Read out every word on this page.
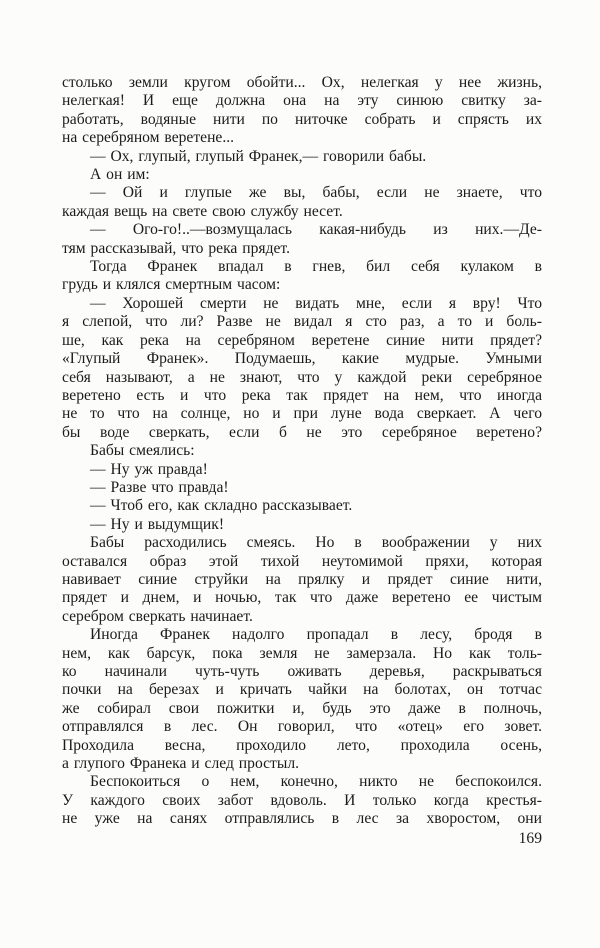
столько земли кругом обойти... Ох, нелегкая у нее жизнь,
нелегкая! И еще должна она на эту синюю свитку за-
работать, водяные нити по ниточке собрать и спрясть их
на серебряном веретене...
— Ох, глупый, глупый Франек,— говорили бабы.
А он им:
— Ой и глупые же вы, бабы, если не знаете, что
каждая вещь на свете свою службу несет.
— Ого-го!..—возмущалась какая-нибудь из них.—Де-
тям рассказывай, что река прядет.
Тогда Франек впадал в гнев, бил себя кулаком в
грудь и клялся смертным часом:
— Хорошей смерти не видать мне, если я вру! Что
я слепой, что ли? Разве не видал я сто раз, а то и боль-
ше, как река на серебряном веретене синие нити прядет?
«Глупый Франек». Подумаешь, какие мудрые. Умными
себя называют, а не знают, что у каждой реки серебряное
веретено есть и что река так прядет на нем, что иногда
не то что на солнце, но и при луне вода сверкает. А чего
бы воде сверкать, если б не это серебряное веретено?
Бабы смеялись:
— Ну уж правда!
— Разве что правда!
— Чтоб его, как складно рассказывает.
— Ну и выдумщик!
Бабы расходились смеясь. Но в воображении у них
оставался образ этой тихой неутомимой пряхи, которая
навивает синие струйки на прялку и прядет синие нити,
прядет и днем, и ночью, так что даже веретено ее чистым
серебром сверкать начинает.
Иногда Франек надолго пропадал в лесу, бродя в
нем, как барсук, пока земля не замерзала. Но как толь-
ко начинали чуть-чуть оживать деревья, раскрываться
почки на березах и кричать чайки на болотах, он тотчас
же собирал свои пожитки и, будь это даже в полночь,
отправлялся в лес. Он говорил, что «отец» его зовет.
Проходила весна, проходило лето, проходила осень,
а глупого Франека и след простыл.
Беспокоиться о нем, конечно, никто не беспокоился.
У каждого своих забот вдоволь. И только когда крестья-
не уже на санях отправлялись в лес за хворостом, они
169
